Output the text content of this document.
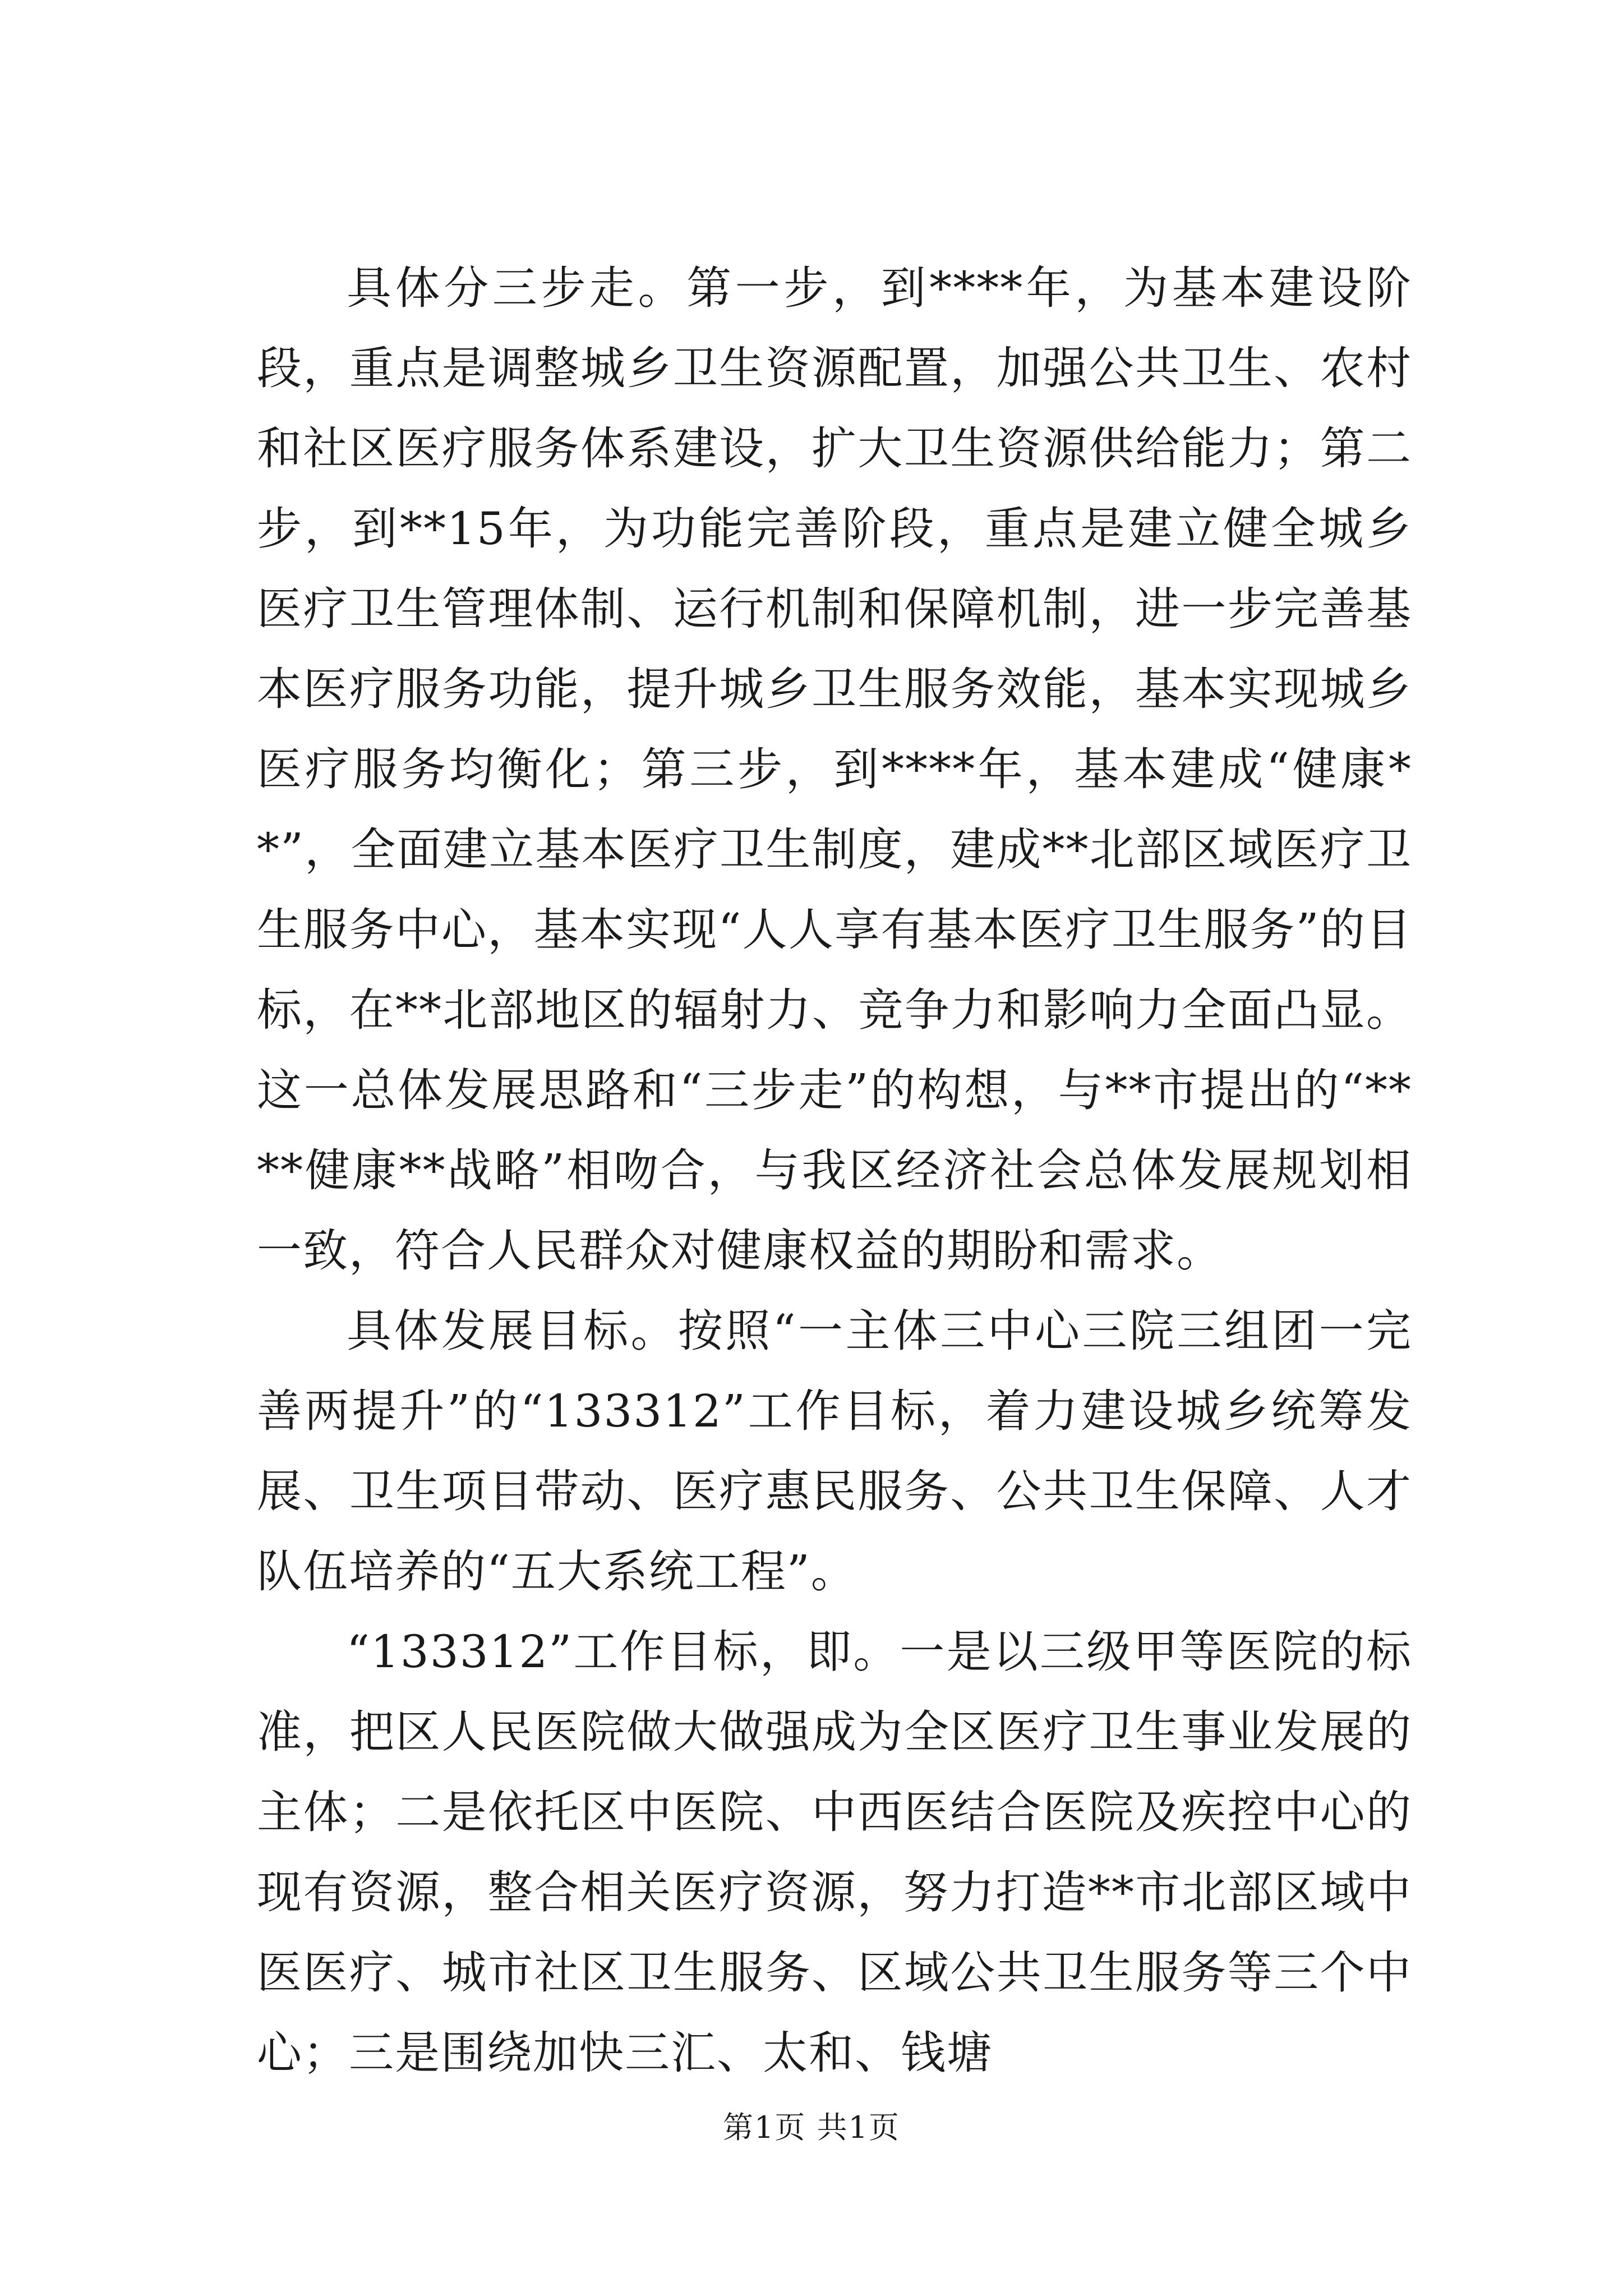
具体分三步走。第一步，到****年，为基本建设阶段，重点是调整城乡卫生资源配置，加强公共卫生、农村和社区医疗服务体系建设，扩大卫生资源供给能力；第二步，到**15年，为功能完善阶段，重点是建立健全城乡医疗卫生管理体制、运行机制和保障机制，进一步完善基本医疗服务功能，提升城乡卫生服务效能，基本实现城乡医疗服务均衡化；第三步，到****年，基本建成“健康**”，全面建立基本医疗卫生制度，建成**北部区域医疗卫生服务中心，基本实现“人人享有基本医疗卫生服务”的目标，在**北部地区的辐射力、竞争力和影响力全面凸显。这一总体发展思路和“三步走”的构想，与**市提出的“****健康**战略”相吻合，与我区经济社会总体发展规划相一致，符合人民群众对健康权益的期盼和需求。

具体发展目标。按照“一主体三中心三院三组团一完善两提升”的“133312”工作目标，着力建设城乡统筹发展、卫生项目带动、医疗惠民服务、公共卫生保障、人才队伍培养的“五大系统工程”。

“133312”工作目标，即。一是以三级甲等医院的标准，把区人民医院做大做强成为全区医疗卫生事业发展的主体；二是依托区中医院、中西医结合医院及疾控中心的现有资源，整合相关医疗资源，努力打造**市北部区域中医医疗、城市社区卫生服务、区域公共卫生服务等三个中心；三是围绕加快三汇、太和、钱塘

第1页 共1页
